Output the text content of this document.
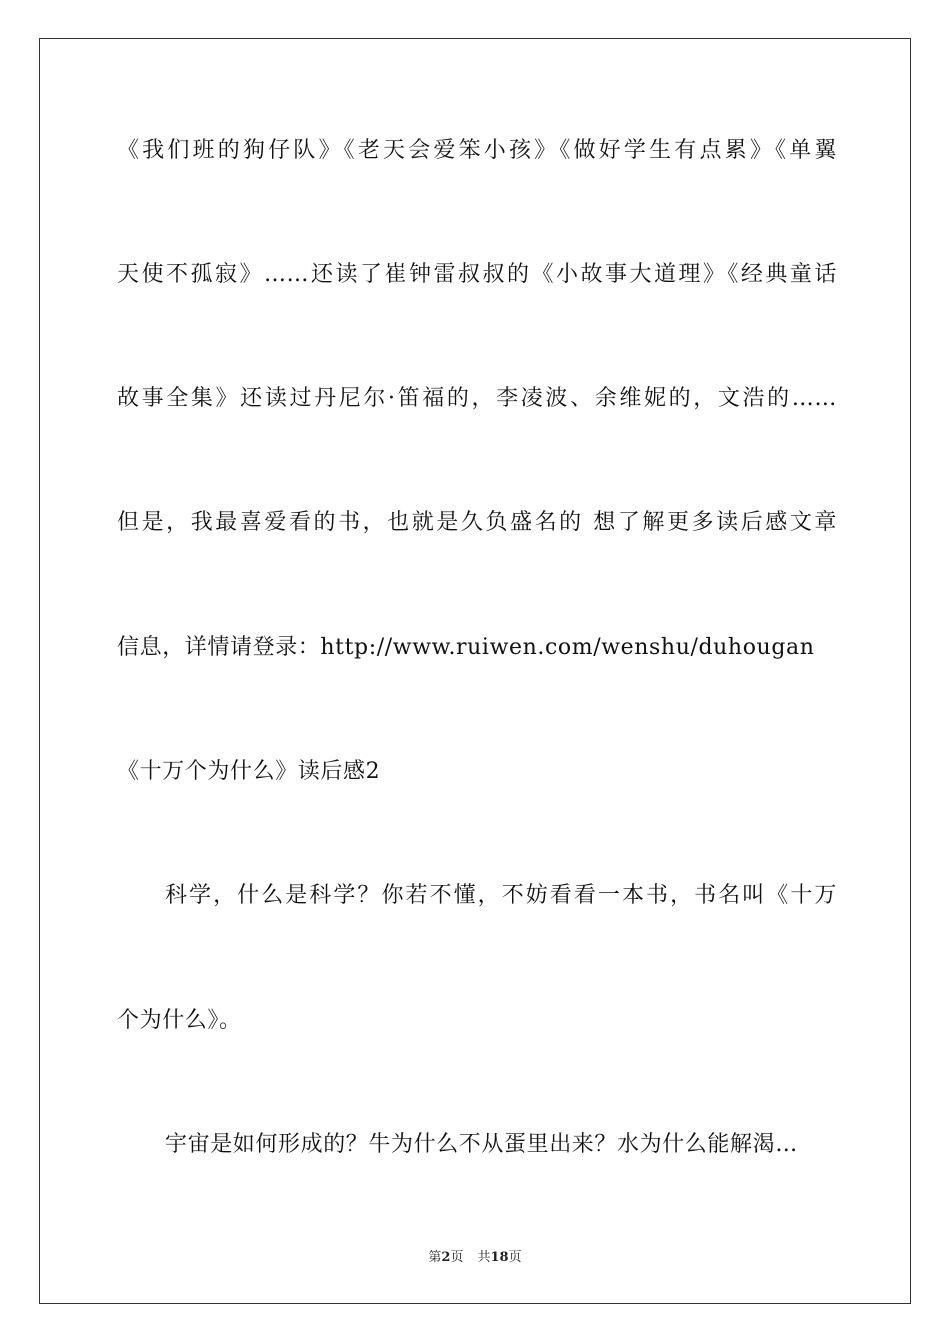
《我们班的狗仔队》《老天会爱笨小孩》《做好学生有点累》《单翼
天使不孤寂》……还读了崔钟雷叔叔的《小故事大道理》《经典童话
故事全集》还读过丹尼尔·笛福的，李凌波、余维妮的，文浩的……
但是，我最喜爱看的书，也就是久负盛名的 想了解更多读后感文章
信息，详情请登录：http://www.ruiwen.com/wenshu/duhougan
《十万个为什么》读后感2
科学，什么是科学？你若不懂，不妨看看一本书，书名叫《十万
个为什么》。
宇宙是如何形成的？牛为什么不从蛋里出来？水为什么能解渴…
第2页 共18页
